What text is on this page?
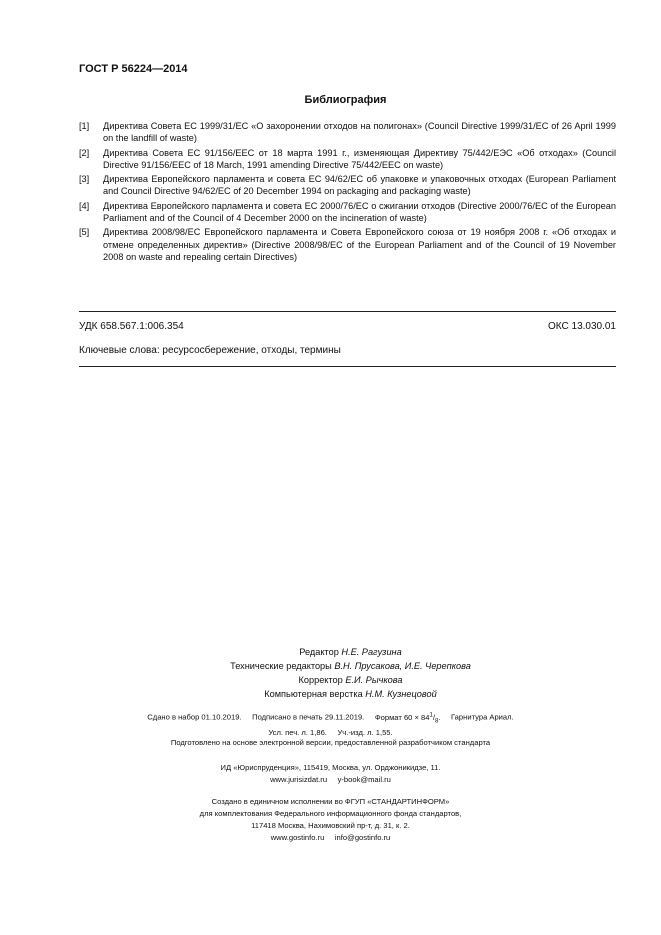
ГОСТ Р 56224—2014
Библиография
[1]	Директива Совета ЕС 1999/31/ЕС «О захоронении отходов на полигонах» (Council Directive 1999/31/EC of 26 April 1999 on the landfill of waste)
[2]	Директива Совета ЕС 91/156/ЕЕС от 18 марта 1991 г., изменяющая Директиву 75/442/ЕЭС «Об отходах» (Council Directive 91/156/EEC of 18 March, 1991 amending Directive 75/442/EEC on waste)
[3]	Директива Европейского парламента и совета ЕС 94/62/ЕС об упаковке и упаковочных отходах (European Parliament and Council Directive 94/62/EC of 20 December 1994 on packaging and packaging waste)
[4]	Директива Европейского парламента и совета ЕС 2000/76/ЕС о сжигании отходов (Directive 2000/76/EC of the European Parliament and of the Council of 4 December 2000 on the incineration of waste)
[5]	Директива 2008/98/ЕС Европейского парламента и Совета Европейского союза от 19 ноября 2008 г. «Об отходах и отмене определенных директив» (Directive 2008/98/EC of the European Parliament and of the Council of 19 November 2008 on waste and repealing certain Directives)
УДК 658.567.1:006.354	ОКС 13.030.01
Ключевые слова: ресурсосбережение, отходы, термины
Редактор Н.Е. Рагузина
Технические редакторы В.Н. Прусакова, И.Е. Черепкова
Корректор Е.И. Рычкова
Компьютерная верстка Н.М. Кузнецовой
Сдано в набор 01.10.2019. Подписано в печать 29.11.2019. Формат $60 \times 84^1/_8$. Гарнитура Ариал.
Усл. печ. л. 1,86. Уч.-изд. л. 1,55.
Подготовлено на основе электронной версии, предоставленной разработчиком стандарта
ИД «Юриспруденция», 115419, Москва, ул. Орджоникидзе, 11.
www.jurisizdat.ru y-book@mail.ru
Создано в единичном исполнении во ФГУП «СТАНДАРТИНФОРМ»
для комплектования Федерального информационного фонда стандартов,
117418 Москва, Нахимовский пр-т, д. 31, к. 2.
www.gostinfo.ru info@gostinfo.ru
